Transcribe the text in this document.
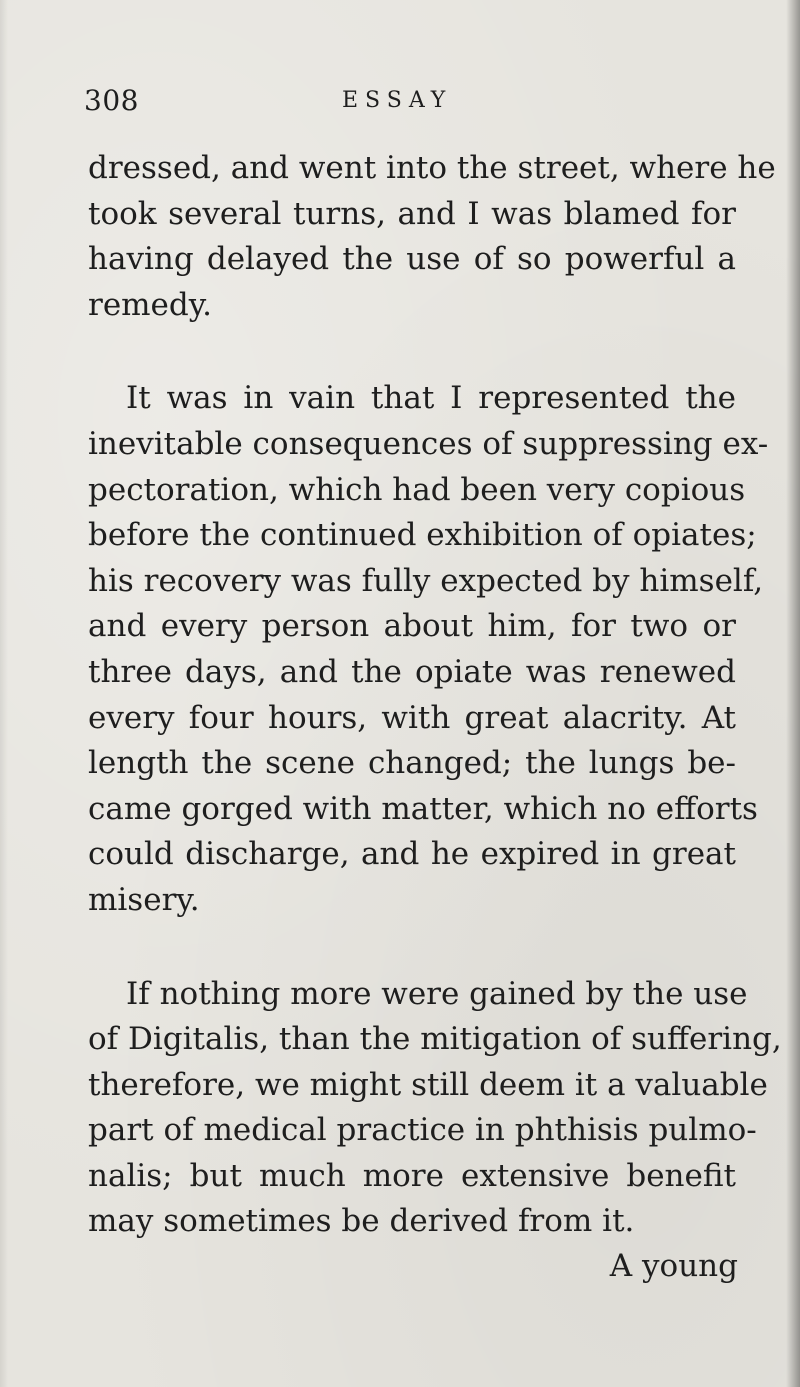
308	ESSAY

dressed, and went into the street, where he
took several turns, and I was blamed for
having delayed the use of so powerful a
remedy.

It was in vain that I represented the
inevitable consequences of suppressing ex-
pectoration, which had been very copious
before the continued exhibition of opiates;
his recovery was fully expected by himself,
and every person about him, for two or
three days, and the opiate was renewed
every four hours, with great alacrity. At
length the scene changed; the lungs be-
came gorged with matter, which no efforts
could discharge, and he expired in great
misery.

If nothing more were gained by the use
of Digitalis, than the mitigation of suffering,
therefore, we might still deem it a valuable
part of medical practice in phthisis pulmo-
nalis; but much more extensive benefit
may sometimes be derived from it.

A young
